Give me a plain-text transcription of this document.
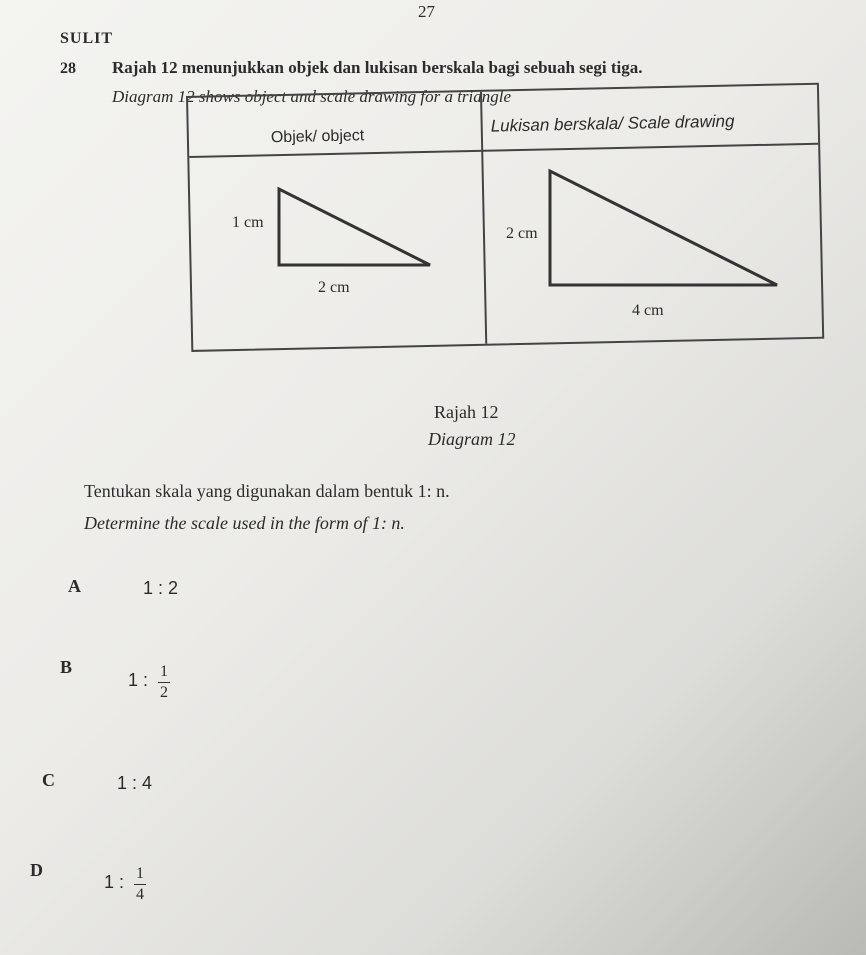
27
SULIT
28 Rajah 12 menunjukkan objek dan lukisan berskala bagi sebuah segi tiga.
Diagram 12 shows object and scale drawing for a triangle
Objek/ object
Lukisan berskala/ Scale drawing
1 cm
2 cm
2 cm
4 cm
Rajah 12
Diagram 12
Tentukan skala yang digunakan dalam bentuk 1: n.
Determine the scale used in the form of 1: n.
A	1 : 2
B
1 : $\frac{1}{2}$
C	1 : 4
D
1 : $\frac{1}{4}$
